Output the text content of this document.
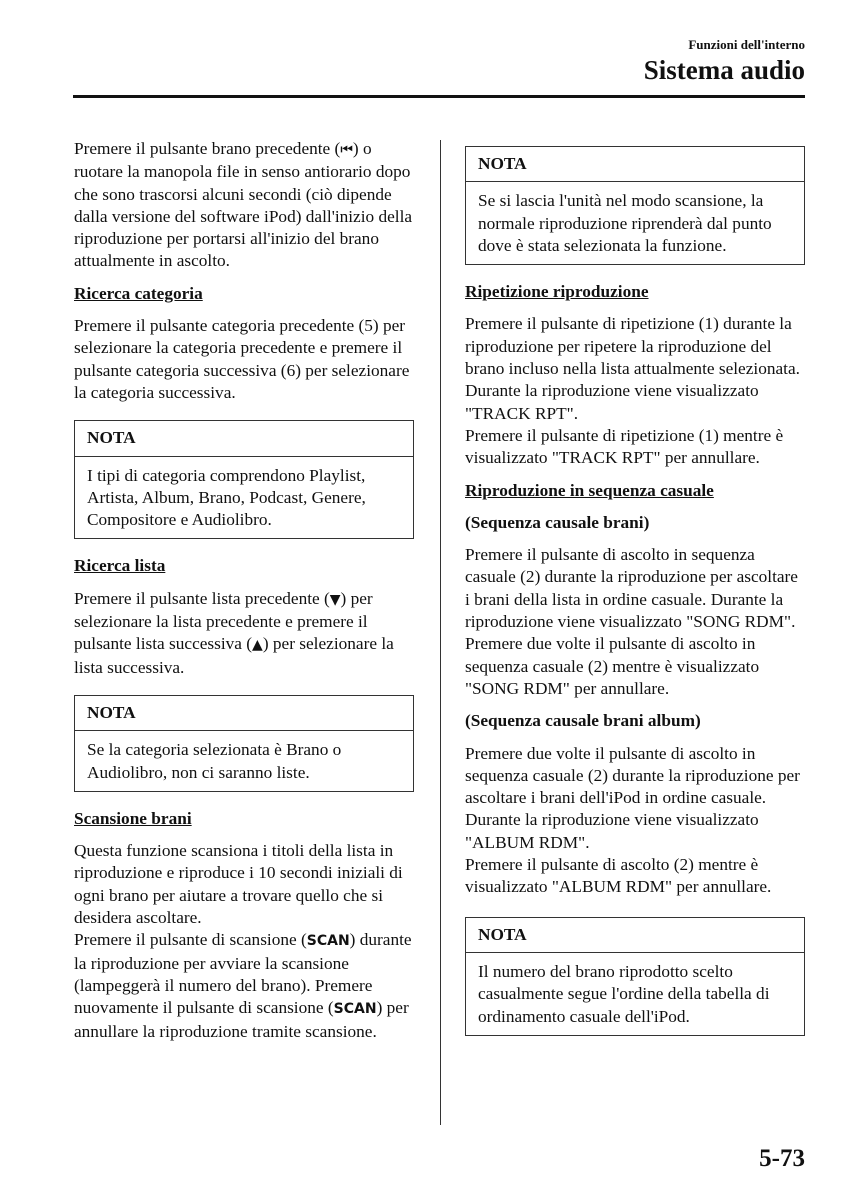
Funzioni dell'interno
Sistema audio

Premere il pulsante brano precedente (⏮) o ruotare la manopola file in senso antiorario dopo che sono trascorsi alcuni secondi (ciò dipende dalla versione del software iPod) dall'inizio della riproduzione per portarsi all'inizio del brano attualmente in ascolto.

Ricerca categoria

Premere il pulsante categoria precedente (5) per selezionare la categoria precedente e premere il pulsante categoria successiva (6) per selezionare la categoria successiva.

NOTA
I tipi di categoria comprendono Playlist, Artista, Album, Brano, Podcast, Genere, Compositore e Audiolibro.
Ricerca lista

Premere il pulsante lista precedente (▼) per selezionare la lista precedente e premere il pulsante lista successiva (▲) per selezionare la lista successiva.

NOTA
Se la categoria selezionata è Brano o Audiolibro, non ci saranno liste.
Scansione brani

Questa funzione scansiona i titoli della lista in riproduzione e riproduce i 10 secondi iniziali di ogni brano per aiutare a trovare quello che si desidera ascoltare.

Premere il pulsante di scansione (SCAN) durante la riproduzione per avviare la scansione (lampeggerà il numero del brano). Premere nuovamente il pulsante di scansione (SCAN) per annullare la riproduzione tramite scansione.

NOTA
Se si lascia l'unità nel modo scansione, la normale riproduzione riprenderà dal punto dove è stata selezionata la funzione.
Ripetizione riproduzione

Premere il pulsante di ripetizione (1) durante la riproduzione per ripetere la riproduzione del brano incluso nella lista attualmente selezionata. Durante la riproduzione viene visualizzato "TRACK RPT".

Premere il pulsante di ripetizione (1) mentre è visualizzato "TRACK RPT" per annullare.

Riproduzione in sequenza casuale
(Sequenza causale brani)

Premere il pulsante di ascolto in sequenza casuale (2) durante la riproduzione per ascoltare i brani della lista in ordine casuale. Durante la riproduzione viene visualizzato "SONG RDM".

Premere due volte il pulsante di ascolto in sequenza casuale (2) mentre è visualizzato "SONG RDM" per annullare.

(Sequenza causale brani album)

Premere due volte il pulsante di ascolto in sequenza casuale (2) durante la riproduzione per ascoltare i brani dell'iPod in ordine casuale. Durante la riproduzione viene visualizzato "ALBUM RDM".

Premere il pulsante di ascolto (2) mentre è visualizzato "ALBUM RDM" per annullare.

NOTA
Il numero del brano riprodotto scelto casualmente segue l'ordine della tabella di ordinamento casuale dell'iPod.
5-73
